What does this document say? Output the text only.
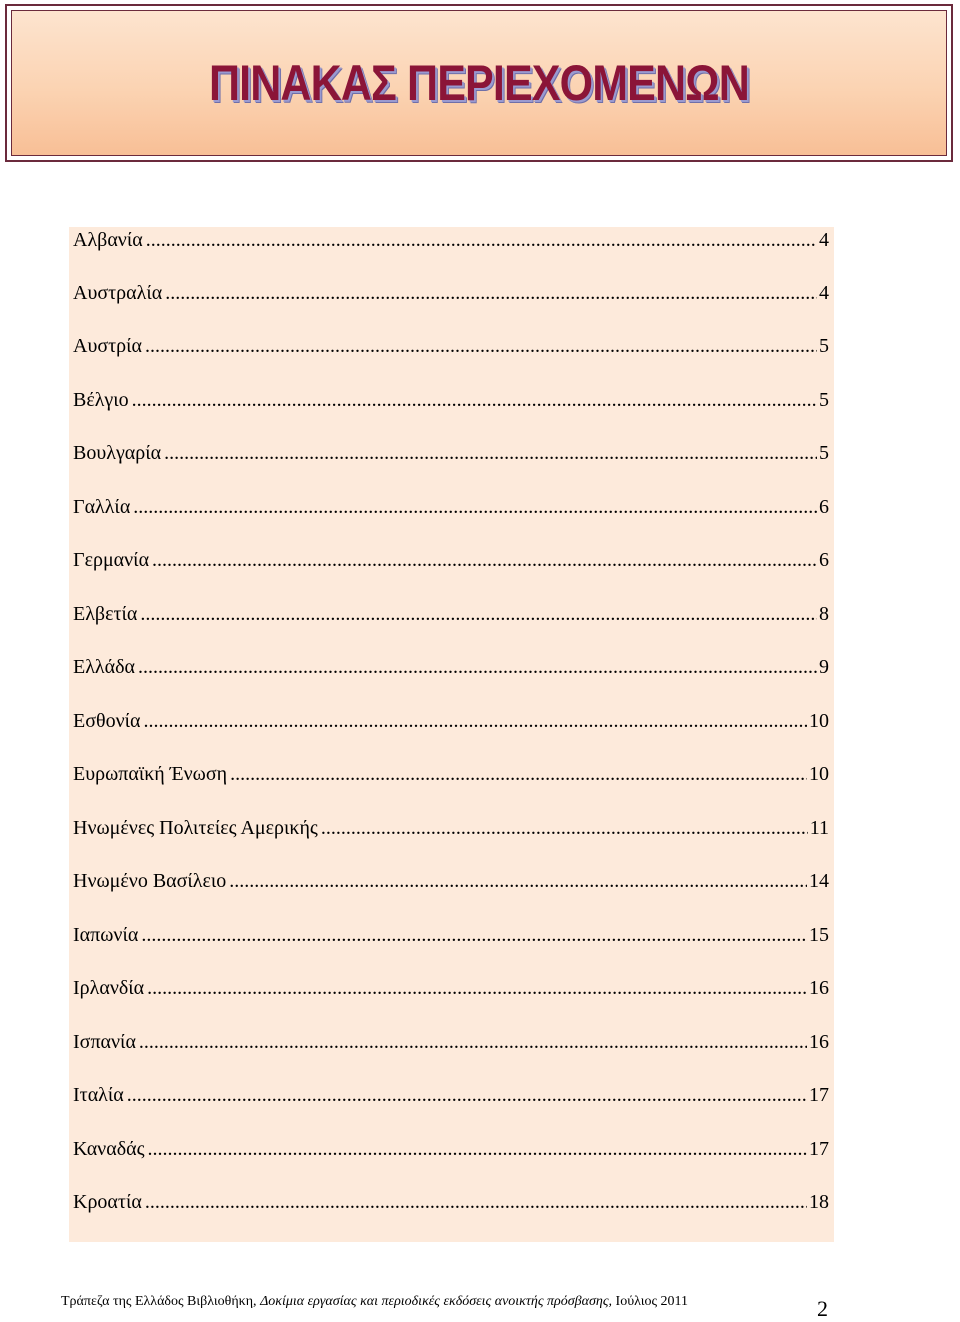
ΠΙΝΑΚΑΣ ΠΕΡΙΕΧΟΜΕΝΩΝ
Αλβανία .....	4
Αυστραλία .....	4
Αυστρία .....	5
Βέλγιο .....	5
Βουλγαρία .....	5
Γαλλία .....	6
Γερμανία .....	6
Ελβετία .....	8
Ελλάδα .....	9
Εσθονία .....	10
Ευρωπαϊκή Ένωση .....	10
Ηνωμένες Πολιτείες Αμερικής .....	11
Ηνωμένο Βασίλειο .....	14
Ιαπωνία .....	15
Ιρλανδία .....	16
Ισπανία .....	16
Ιταλία .....	17
Καναδάς .....	17
Κροατία .....	18
Τράπεζα της Ελλάδος Βιβλιοθήκη, Δοκίμια εργασίας και περιοδικές εκδόσεις ανοικτής πρόσβασης, Ιούλιος 2011	2
